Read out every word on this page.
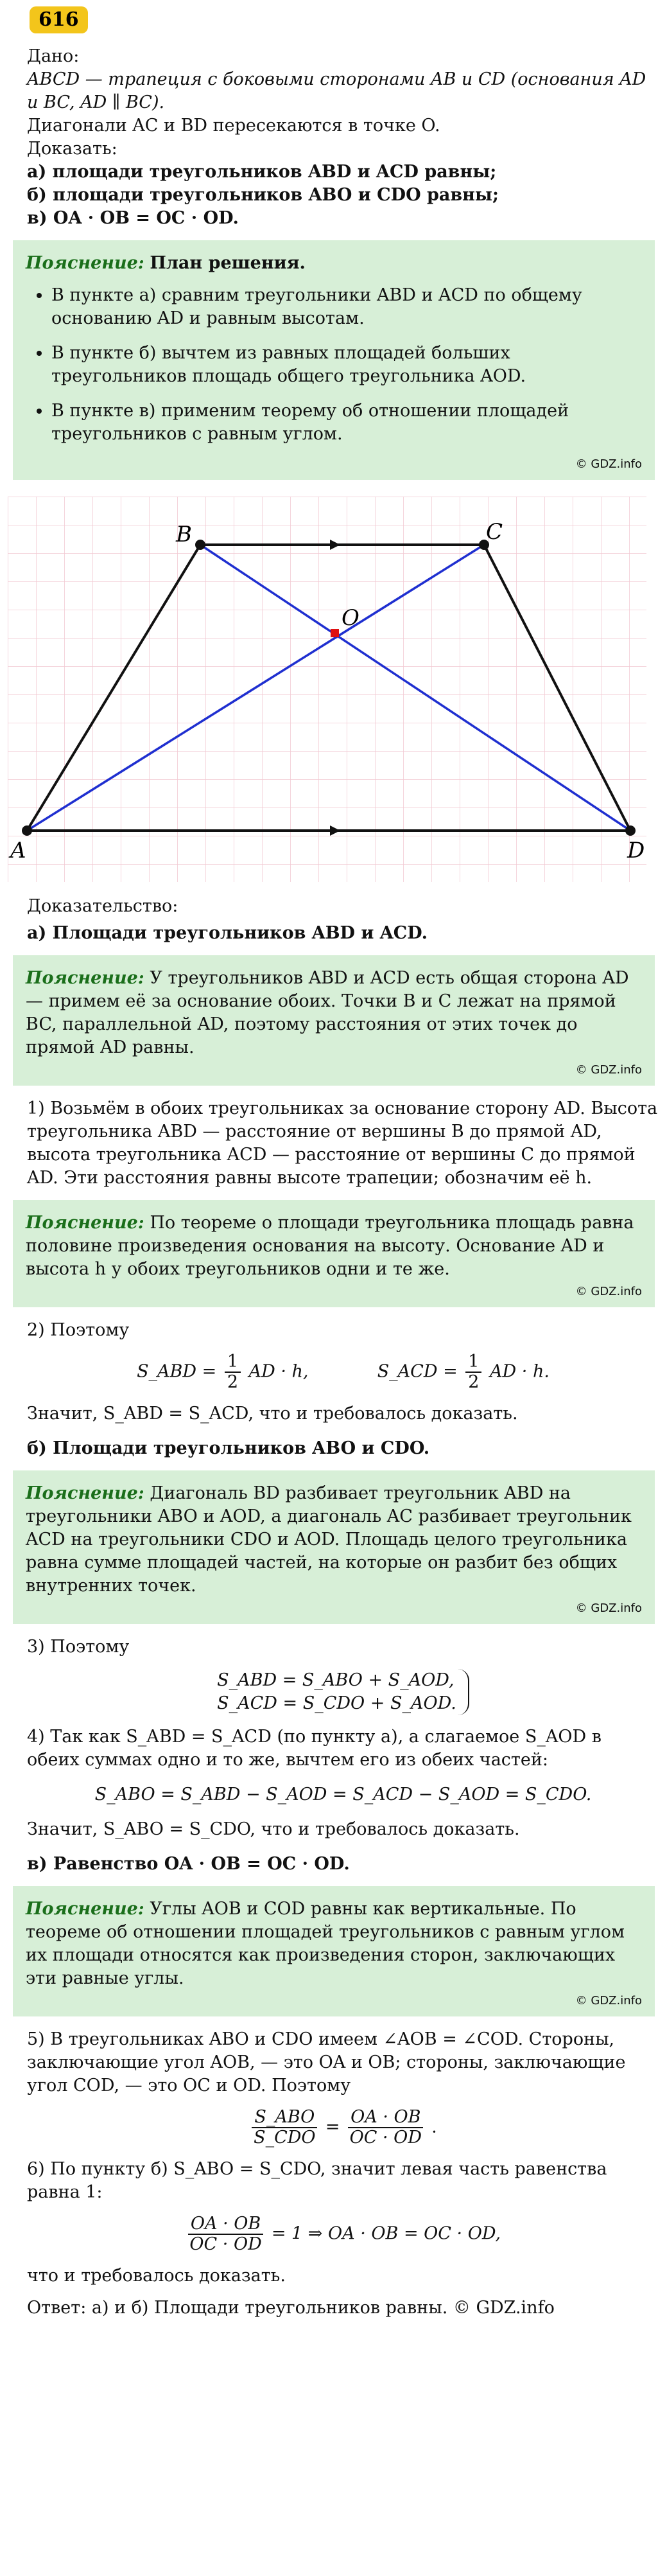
616

Дано:

ABCD — трапеция с боковыми сторонами AB и CD (основания AD и BC, AD ∥ BC).

Диагонали AC и BD пересекаются в точке O.

Доказать:

а) площади треугольников ABD и ACD равны;

б) площади треугольников ABO и CDO равны;

в) OA · OB = OC · OD.

Пояснение: План решения.

• В пункте а) сравним треугольники ABD и ACD по общему основанию AD и равным высотам.
• В пункте б) вычтем из равных площадей больших треугольников площадь общего треугольника AOD.
• В пункте в) применим теорему об отношении площадей треугольников с равным углом.
© GDZ.info
B	C
A	D
O

Доказательство:

а) Площади треугольников ABD и ACD.

Пояснение: У треугольников ABD и ACD есть общая сторона AD — примем её за основание обоих. Точки B и C лежат на прямой BC, параллельной AD, поэтому расстояния от этих точек до прямой AD равны.

© GDZ.info

1) Возьмём в обоих треугольниках за основание сторону AD. Высота треугольника ABD — расстояние от вершины B до прямой AD, высота треугольника ACD — расстояние от вершины C до прямой AD. Эти расстояния равны высоте трапеции; обозначим её h.

Пояснение: По теореме о площади треугольника площадь равна половине произведения основания на высоту. Основание AD и высота h у обоих треугольников одни и те же.

© GDZ.info

2) Поэтому

S_ABD = $\frac{1}{2}$ AD · h,	S_ACD = $\frac{1}{2}$ AD · h.

Значит, S_ABD = S_ACD, что и требовалось доказать.

б) Площади треугольников ABO и CDO.

Пояснение: Диагональ BD разбивает треугольник ABD на треугольники ABO и AOD, а диагональ AC разбивает треугольник ACD на треугольники CDO и AOD. Площадь целого треугольника равна сумме площадей частей, на которые он разбит без общих внутренних точек.

© GDZ.info

3) Поэтому

S_ABD = S_ABO + S_AOD,
S_ACD = S_CDO + S_AOD.

4) Так как S_ABD = S_ACD (по пункту а), а слагаемое S_AOD в обеих суммах одно и то же, вычтем его из обеих частей:

S_ABO = S_ABD − S_AOD = S_ACD − S_AOD = S_CDO.

Значит, S_ABO = S_CDO, что и требовалось доказать.

в) Равенство OA · OB = OC · OD.

Пояснение: Углы AOB и COD равны как вертикальные. По теореме об отношении площадей треугольников с равным углом их площади относятся как произведения сторон, заключающих эти равные углы.

© GDZ.info

5) В треугольниках ABO и CDO имеем ∠AOB = ∠COD. Стороны, заключающие угол AOB, — это OA и OB; стороны, заключающие угол COD, — это OC и OD. Поэтому

$\frac{\text{S\_ABO}}{\text{S\_CDO}} = \frac{OA \cdot OB}{OC \cdot OD}$ .

6) По пункту б) S_ABO = S_CDO, значит левая часть равенства равна 1:

$\frac{OA \cdot OB}{OC \cdot OD} = 1$ ⇒ OA · OB = OC · OD,

что и требовалось доказать.

Ответ: а) и б) Площади треугольников равны. © GDZ.info
